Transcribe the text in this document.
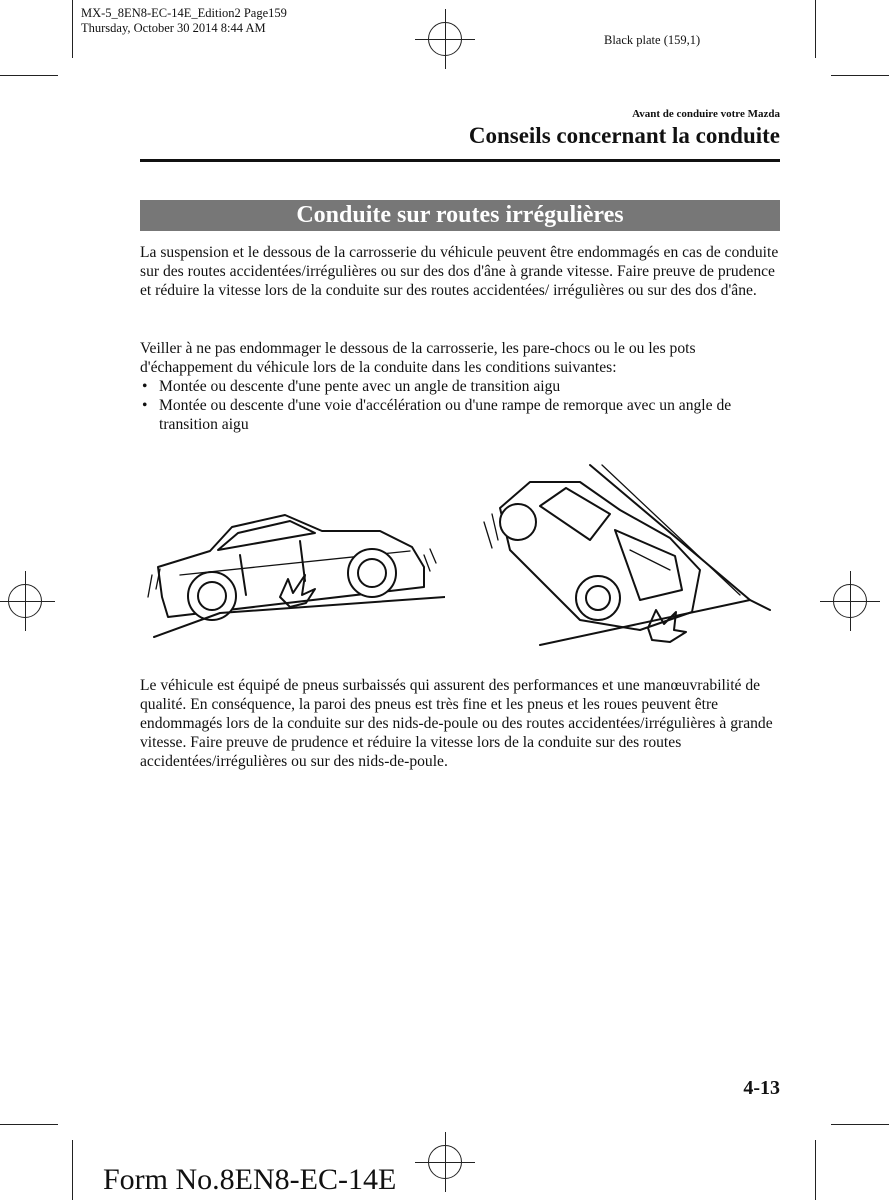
MX-5_8EN8-EC-14E_Edition2 Page159
Thursday, October 30 2014 8:44 AM
Black plate (159,1)
Avant de conduire votre Mazda
Conseils concernant la conduite
Conduite sur routes irrégulières

La suspension et le dessous de la carrosserie du véhicule peuvent être endommagés en cas de conduite sur des routes accidentées/irrégulières ou sur des dos d'âne à grande vitesse. Faire preuve de prudence et réduire la vitesse lors de la conduite sur des routes accidentées/ irrégulières ou sur des dos d'âne.

Veiller à ne pas endommager le dessous de la carrosserie, les pare-chocs ou le ou les pots d'échappement du véhicule lors de la conduite dans les conditions suivantes:

• Montée ou descente d'une pente avec un angle de transition aigu
• Montée ou descente d'une voie d'accélération ou d'une rampe de remorque avec un angle de transition aigu

Le véhicule est équipé de pneus surbaissés qui assurent des performances et une manœuvrabilité de qualité. En conséquence, la paroi des pneus est très fine et les pneus et les roues peuvent être endommagés lors de la conduite sur des nids-de-poule ou des routes accidentées/irrégulières à grande vitesse. Faire preuve de prudence et réduire la vitesse lors de la conduite sur des routes accidentées/irrégulières ou sur des nids-de-poule.

4-13
Form No.8EN8-EC-14E
